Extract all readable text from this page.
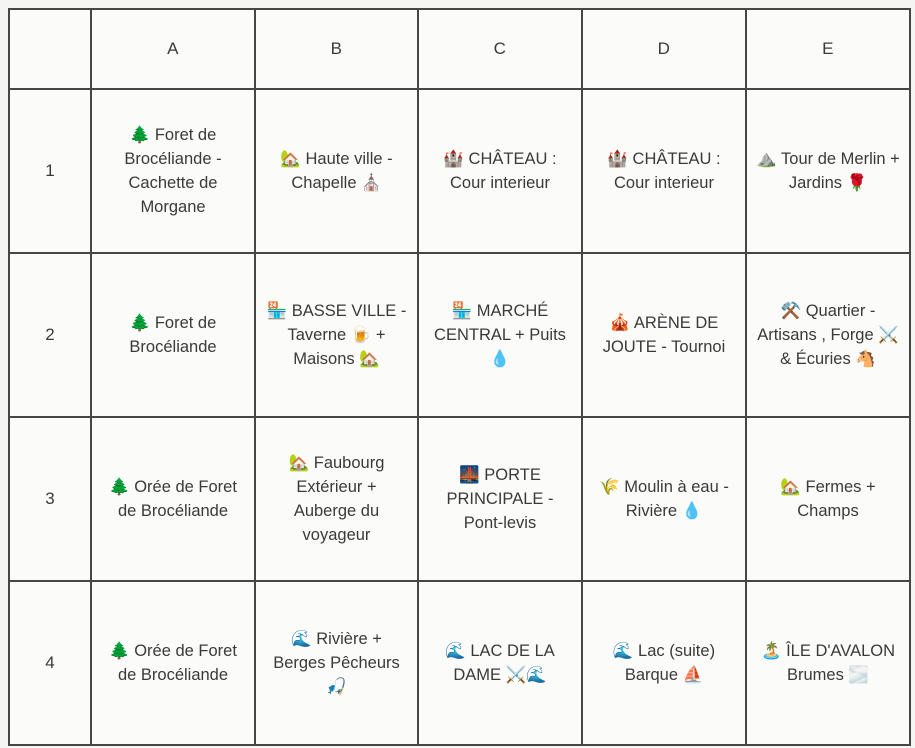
	A	B	C	D	E
1	🌲 Foret de Brocéliande - Cachette de Morgane	🏡 Haute ville - Chapelle ⛪	🏰 CHÂTEAU : Cour interieur	🏰 CHÂTEAU : Cour interieur	⛰️ Tour de Merlin + Jardins 🌹
2	🌲 Foret de Brocéliande	🏪 BASSE VILLE - Taverne 🍺 + Maisons 🏡	🏪 MARCHÉ CENTRAL + Puits 💧	🎪 ARÈNE DE JOUTE - Tournoi	⚒️ Quartier - Artisans , Forge ⚔️ & Écuries 🐴
3	🌲 Orée de Foret de Brocéliande	🏡 Faubourg Extérieur + Auberge du voyageur	🌉 PORTE PRINCIPALE - Pont-levis	🌾 Moulin à eau - Rivière 💧	🏡 Fermes + Champs
4	🌲 Orée de Foret de Brocéliande	🌊 Rivière + Berges Pêcheurs 🎣	🌊 LAC DE LA DAME ⚔️🌊	🌊 Lac (suite) Barque ⛵	🏝️ ÎLE D'AVALON Brumes 🌫️
